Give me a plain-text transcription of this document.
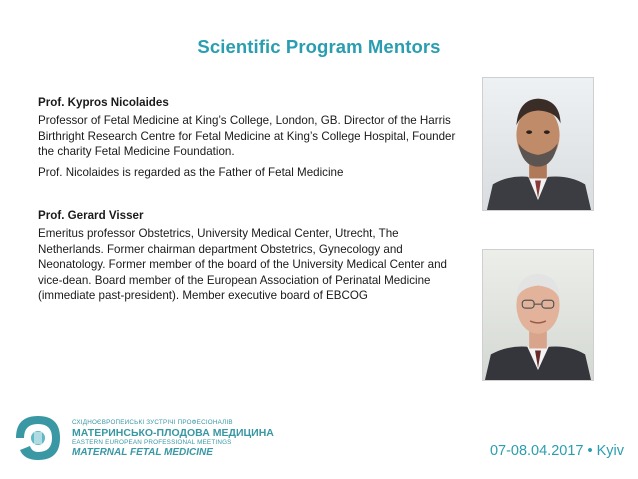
Scientific Program Mentors

Prof. Kypros Nicolaides

Professor of Fetal Medicine at King’s College, London, GB. Director of the Harris Birthright Research Centre for Fetal Medicine at King’s College Hospital, Founder the charity Fetal Medicine Foundation.

Prof. Nicolaides is regarded as the Father of Fetal Medicine

Prof. Gerard Visser

Emeritus professor Obstetrics, University Medical Center, Utrecht, The Netherlands. Former chairman department Obstetrics, Gynecology and Neonatology. Former member of the board of the University Medical Center and vice-dean. Board member of the European Association of Perinatal Medicine (immediate past-president). Member executive board of EBCOG

СХІДНОЄВРОПЕЙСЬКІ ЗУСТРІЧІ ПРОФЕСІОНАЛІВ
МАТЕРИНСЬКО-ПЛОДОВА МЕДИЦИНА
EASTERN EUROPEAN PROFESSIONAL MEETINGS
MATERNAL FETAL MEDICINE	07-08.04.2017 • Kyiv
